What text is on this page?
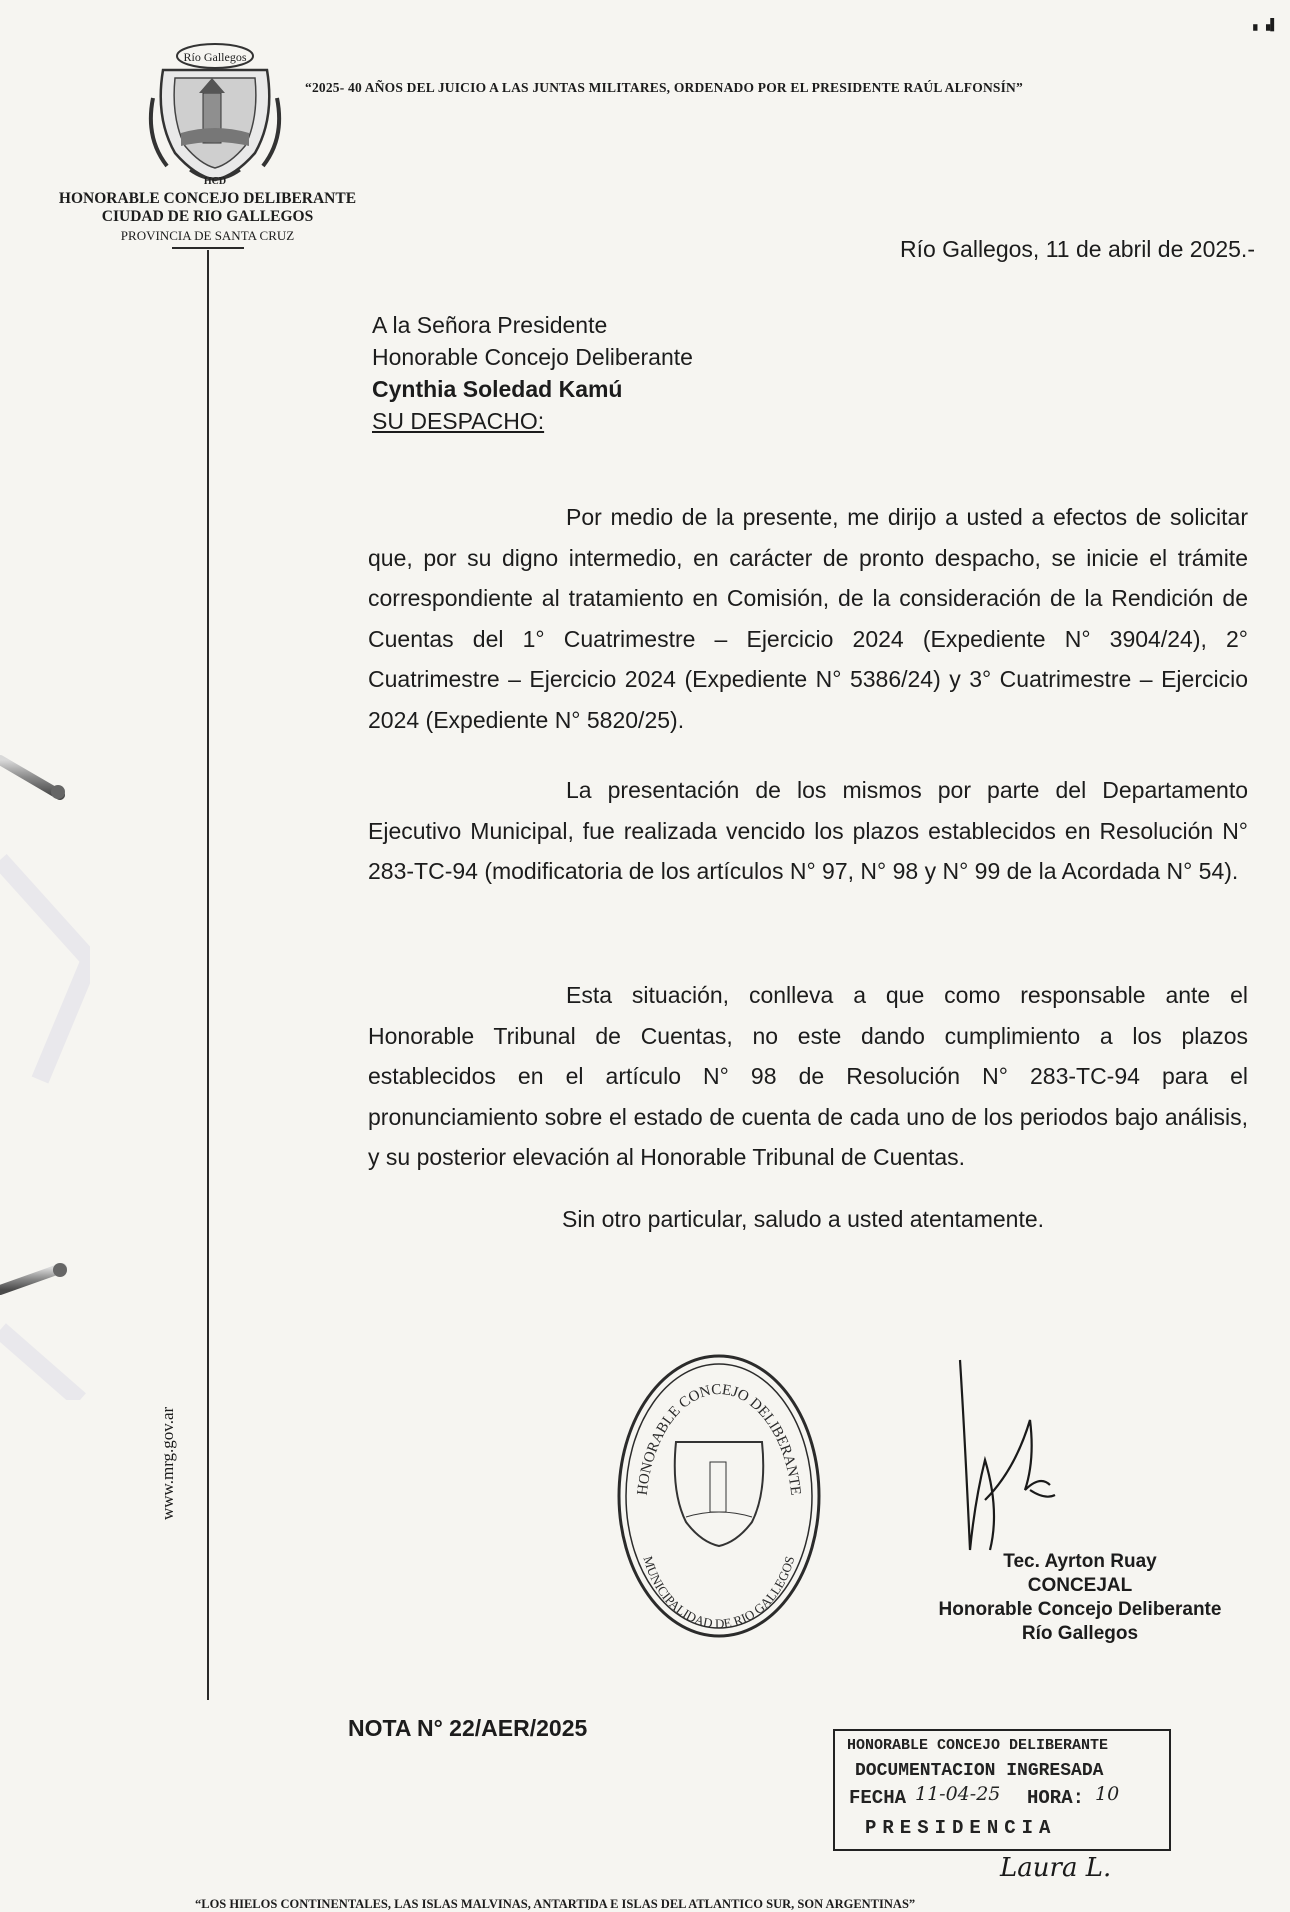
▖▗▌
Río Gallegos
HCD
HONORABLE CONCEJO DELIBERANTE
CIUDAD DE RIO GALLEGOS
PROVINCIA DE SANTA CRUZ
“2025- 40 AÑOS DEL JUICIO A LAS JUNTAS MILITARES, ORDENADO POR EL PRESIDENTE RAÚL ALFONSÍN”
www.mrg.gov.ar
Río Gallegos, 11 de abril de 2025.-
A la Señora Presidente
Honorable Concejo Deliberante
Cynthia Soledad Kamú
SU DESPACHO:
Por medio de la presente, me dirijo a usted a efectos de solicitar que, por su digno intermedio, en carácter de pronto despacho, se inicie el trámite correspondiente al tratamiento en Comisión, de la consideración de la Rendición de Cuentas del 1° Cuatrimestre – Ejercicio 2024 (Expediente N° 3904/24), 2° Cuatrimestre – Ejercicio 2024 (Expediente N° 5386/24) y 3° Cuatrimestre – Ejercicio 2024 (Expediente N° 5820/25).
La presentación de los mismos por parte del Departamento Ejecutivo Municipal, fue realizada vencido los plazos establecidos en Resolución N° 283-TC-94 (modificatoria de los artículos N° 97, N° 98 y N° 99 de la Acordada N° 54).
Esta situación, conlleva a que como responsable ante el Honorable Tribunal de Cuentas, no este dando cumplimiento a los plazos establecidos en el artículo N° 98 de Resolución N° 283-TC-94 para el pronunciamiento sobre el estado de cuenta de cada uno de los periodos bajo análisis, y su posterior elevación al Honorable Tribunal de Cuentas.
Sin otro particular, saludo a usted atentamente.
HONORABLE CONCEJO DELIBERANTE
MUNICIPALIDAD DE RIO GALLEGOS	Tec. Ayrton Ruay
CONCEJAL
Honorable Concejo Deliberante
Río Gallegos
NOTA N° 22/AER/2025
HONORABLE CONCEJO DELIBERANTE
DOCUMENTACION INGRESADA
FECHA 11-04-25 HORA: 10
PRESIDENCIA
Laura L.
“LOS HIELOS CONTINENTALES, LAS ISLAS MALVINAS, ANTARTIDA E ISLAS DEL ATLANTICO SUR, SON ARGENTINAS”
